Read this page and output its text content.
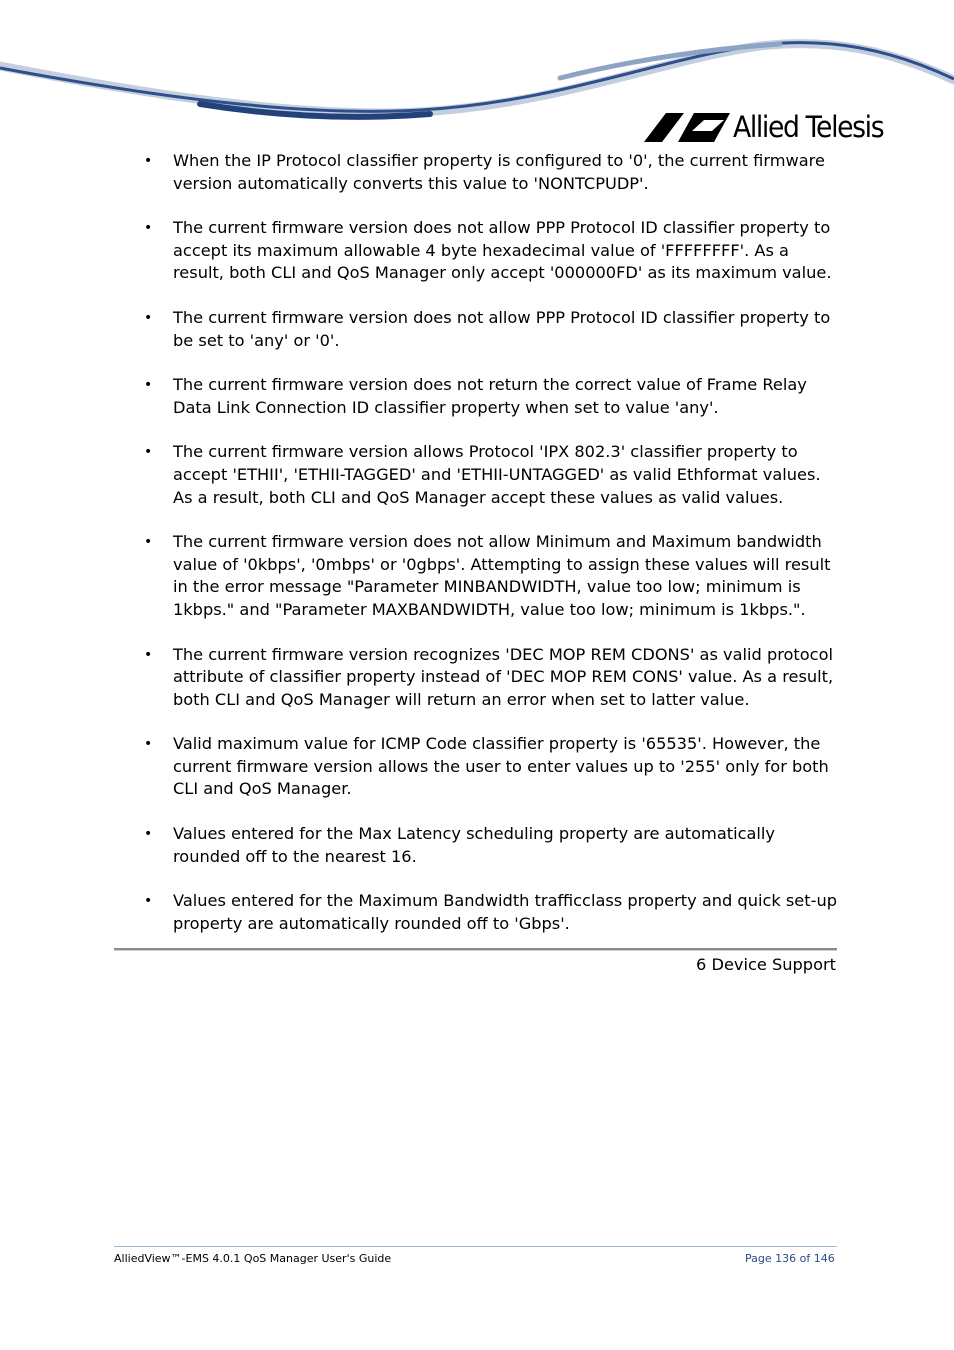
Allied Telesis
• When the IP Protocol classifier property is configured to '0', the current firmware version automatically converts this value to 'NONTCPUDP'.
• The current firmware version does not allow PPP Protocol ID classifier property to accept its maximum allowable 4 byte hexadecimal value of 'FFFFFFFF'. As a result, both CLI and QoS Manager only accept '000000FD' as its maximum value.
• The current firmware version does not allow PPP Protocol ID classifier property to be set to 'any' or '0'.
• The current firmware version does not return the correct value of Frame Relay Data Link Connection ID classifier property when set to value 'any'.
• The current firmware version allows Protocol 'IPX 802.3' classifier property to accept 'ETHII', 'ETHII-TAGGED' and 'ETHII-UNTAGGED' as valid Ethformat values. As a result, both CLI and QoS Manager accept these values as valid values.
• The current firmware version does not allow Minimum and Maximum bandwidth value of '0kbps', '0mbps' or '0gbps'. Attempting to assign these values will result in the error message "Parameter MINBANDWIDTH, value too low; minimum is 1kbps." and "Parameter MAXBANDWIDTH, value too low; minimum is 1kbps.".
• The current firmware version recognizes 'DEC MOP REM CDONS' as valid protocol attribute of classifier property instead of 'DEC MOP REM CONS' value. As a result, both CLI and QoS Manager will return an error when set to latter value.
• Valid maximum value for ICMP Code classifier property is '65535'. However, the current firmware version allows the user to enter values up to '255' only for both CLI and QoS Manager.
• Values entered for the Max Latency scheduling property are automatically rounded off to the nearest 16.
• Values entered for the Maximum Bandwidth trafficclass property and quick set-up property are automatically rounded off to 'Gbps'.
6 Device Support
AlliedView™-EMS 4.0.1 QoS Manager User's Guide	Page 136 of 146
